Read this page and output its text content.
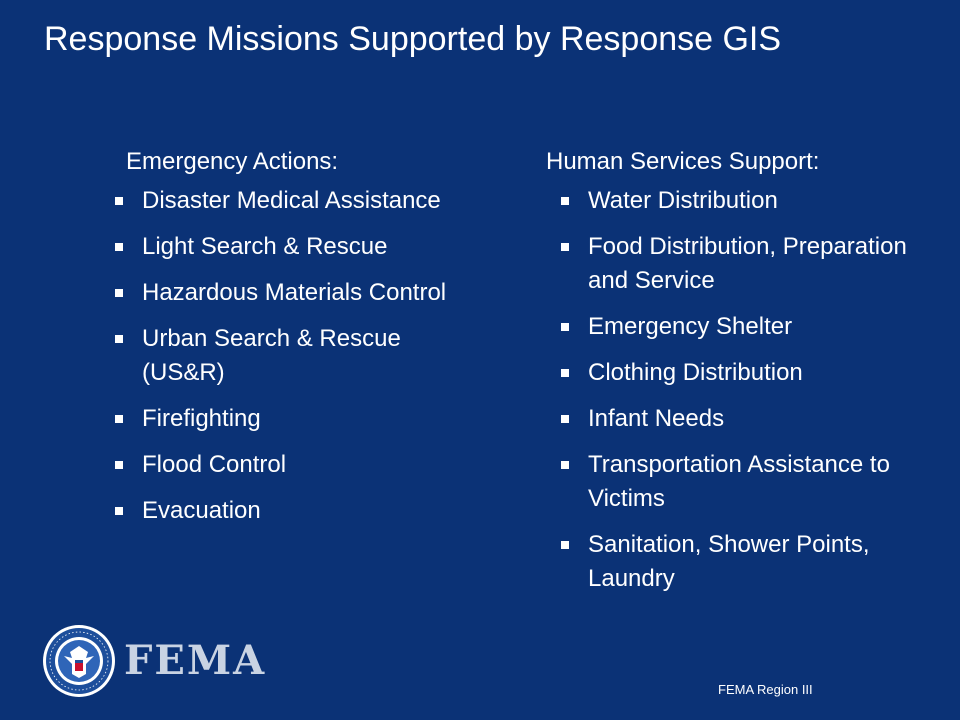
Response Missions Supported by Response GIS
Emergency Actions:
Disaster Medical Assistance
Light Search & Rescue
Hazardous Materials Control
Urban Search & Rescue (US&R)
Firefighting
Flood Control
Evacuation
Human Services Support:
Water Distribution
Food Distribution, Preparation and Service
Emergency Shelter
Clothing Distribution
Infant Needs
Transportation Assistance to Victims
Sanitation, Shower Points, Laundry
FEMA
FEMA Region III
